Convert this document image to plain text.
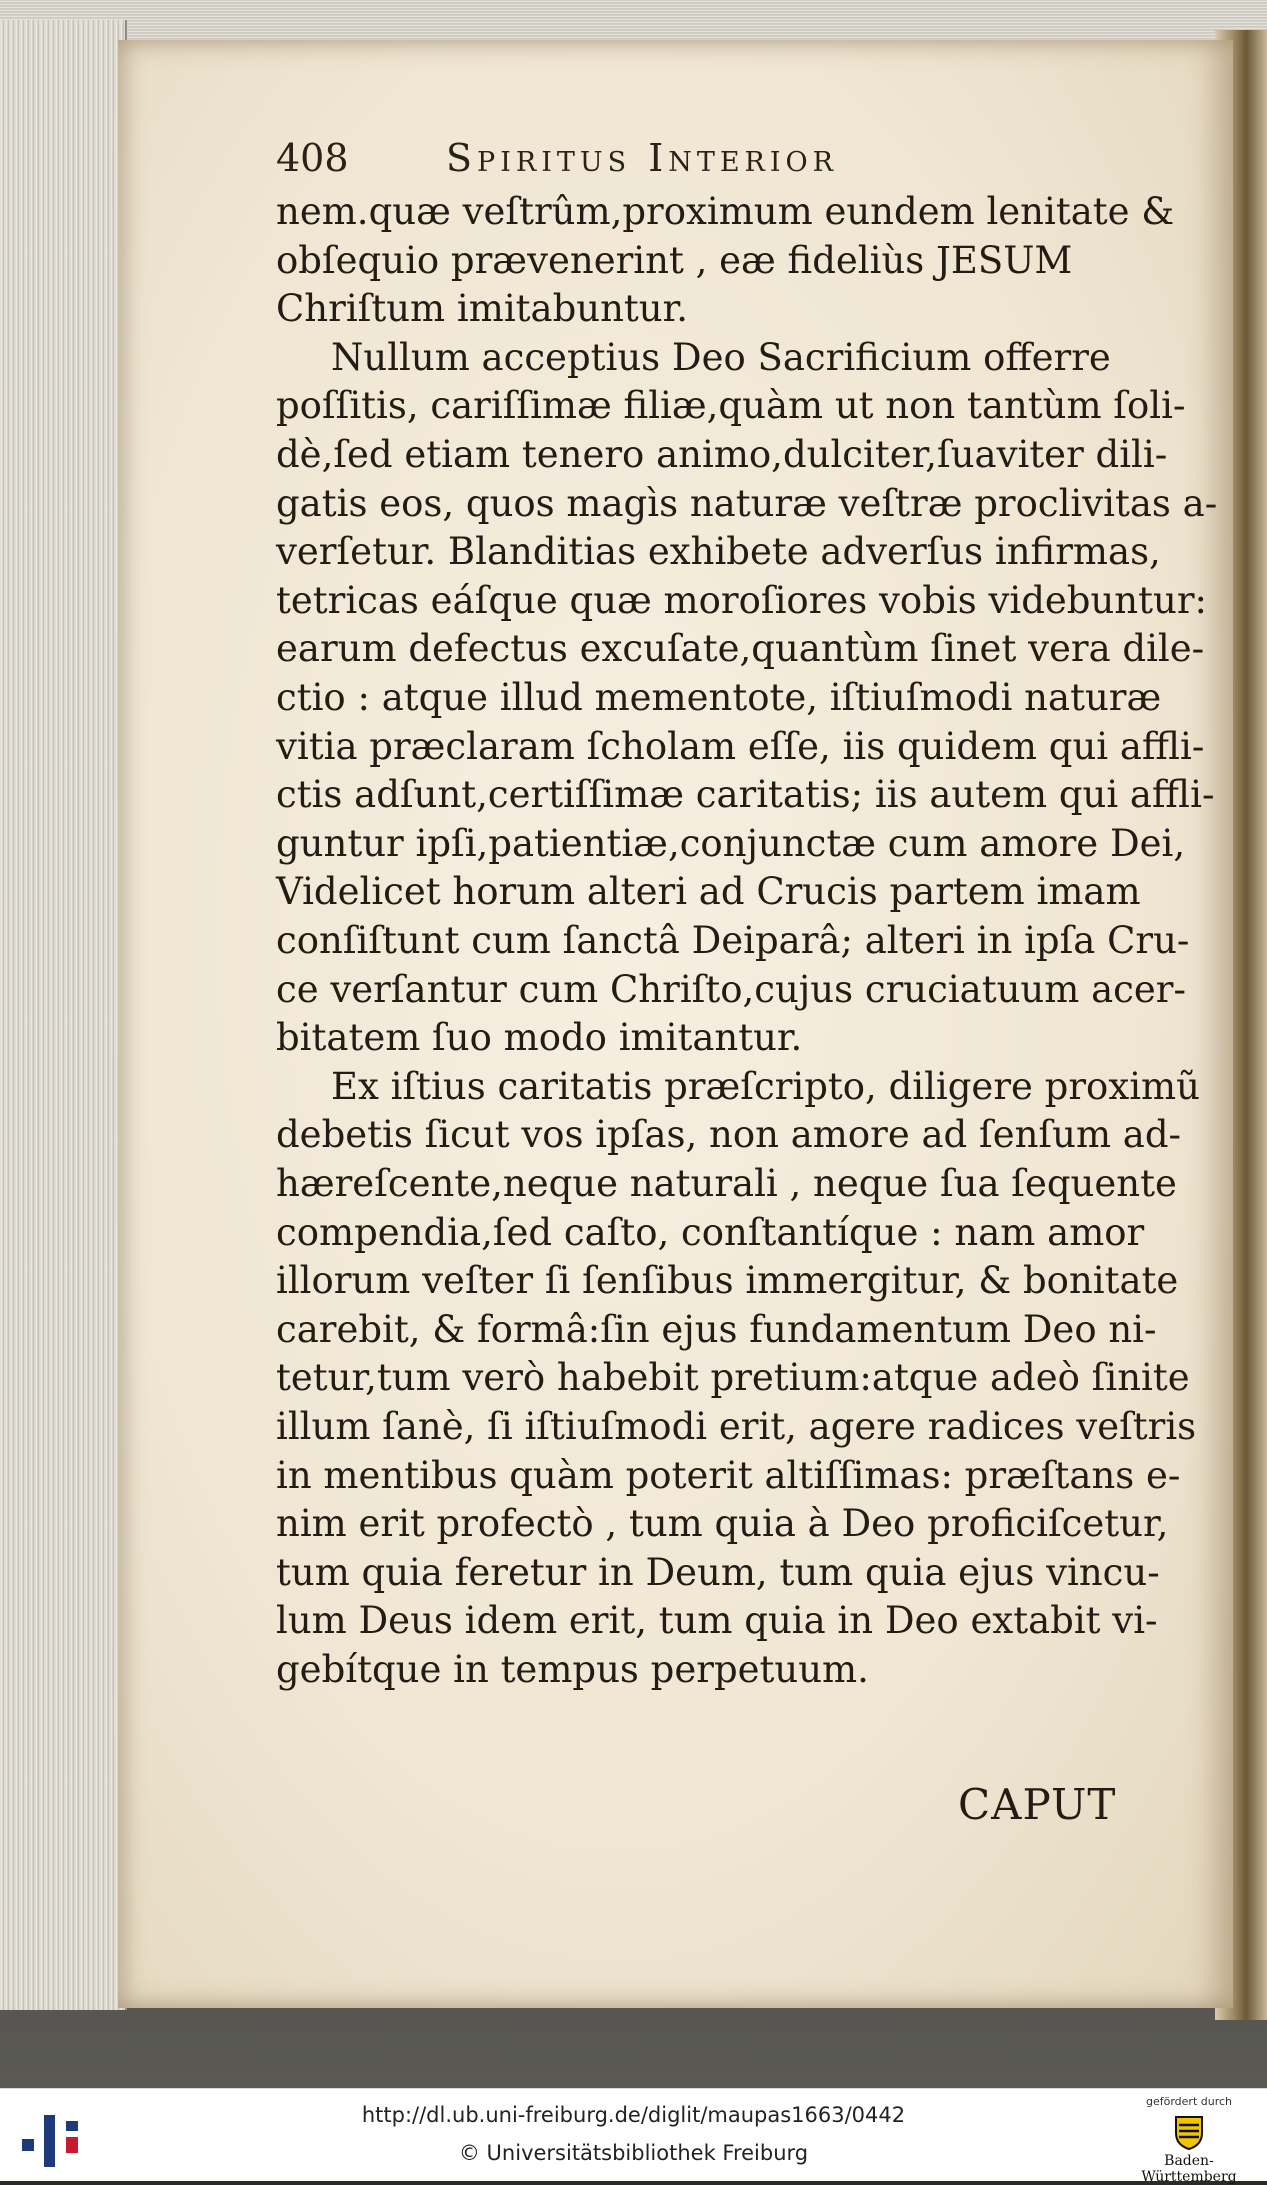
408	Spiritus Interior
nem.quæ veſtrûm,proximum eundem lenitate &
obſequio prævenerint , eæ fideliùs JESUM
Chriſtum imitabuntur.
Nullum acceptius Deo Sacrificium offerre
poſſitis, cariſſimæ filiæ,quàm ut non tantùm ſoli-
dè,ſed etiam tenero animo,dulciter,ſuaviter dili-
gatis eos, quos magìs naturæ veſtræ proclivitas a-
verſetur. Blanditias exhibete adverſus infirmas,
tetricas eáſque quæ moroſiores vobis videbuntur:
earum defectus excuſate,quantùm ſinet vera dile-
ctio : atque illud mementote, iſtiuſmodi naturæ
vitia præclaram ſcholam eſſe, iis quidem qui affli-
ctis adſunt,certiſſimæ caritatis; iis autem qui affli-
guntur ipſi,patientiæ,conjunctæ cum amore Dei,
Videlicet horum alteri ad Crucis partem imam
conſiſtunt cum ſanctâ Deiparâ; alteri in ipſa Cru-
ce verſantur cum Chriſto,cujus cruciatuum acer-
bitatem ſuo modo imitantur.
Ex iſtius caritatis præſcripto, diligere proximũ
debetis ſicut vos ipſas, non amore ad ſenſum ad-
hæreſcente,neque naturali , neque ſua ſequente
compendia,ſed caſto, conſtantíque : nam amor
illorum veſter ſi ſenſibus immergitur, & bonitate
carebit, & formâ:ſin ejus fundamentum Deo ni-
tetur,tum verò habebit pretium:atque adeò ſinite
illum ſanè, ſi iſtiuſmodi erit, agere radices veſtris
in mentibus quàm poterit altiſſimas: præſtans e-
nim erit profectò , tum quia à Deo proficiſcetur,
tum quia feretur in Deum, tum quia ejus vincu-
lum Deus idem erit, tum quia in Deo extabit vi-
gebítque in tempus perpetuum.
CAPUT
http://dl.ub.uni-freiburg.de/diglit/maupas1663/0442
© Universitätsbibliothek Freiburg
gefördert durch
Baden-Württemberg
